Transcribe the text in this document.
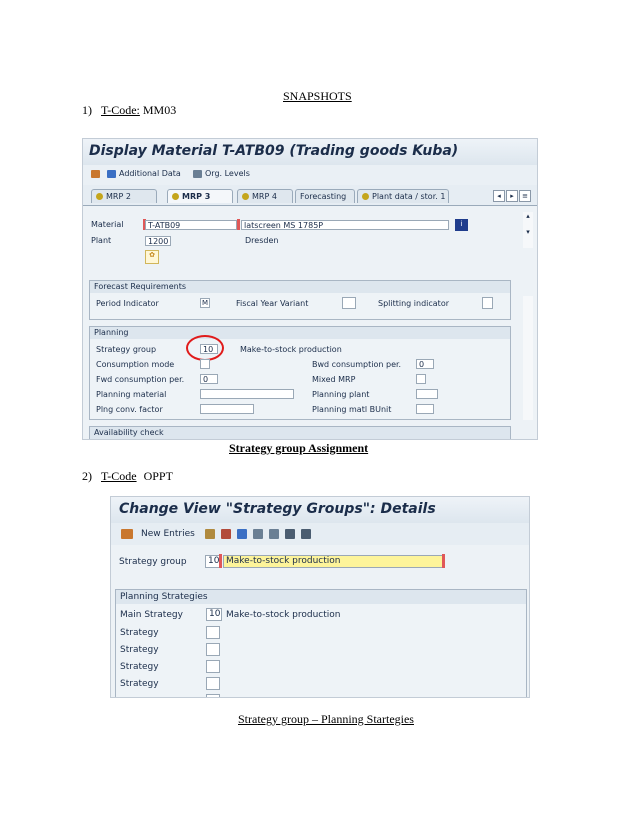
SNAPSHOTS
1) T-Code: MM03
Display Material T-ATB09 (Trading goods Kuba)
Additional Data	Org. Levels
MRP 2	MRP 3	MRP 4	Forecasting	Plant data / stor. 1	◂	▸	≡
Material	T-ATB09	latscreen MS 1785P	i
Plant	1200	Dresden
✿
Forecast Requirements
Period Indicator	M	Fiscal Year Variant	Splitting indicator
Planning
Strategy group	10	Make-to-stock production
Consumption mode	Bwd consumption per.	0
Fwd consumption per.	0	Mixed MRP
Planning material	Planning plant
Plng conv. factor	Planning matl BUnit
Availability check
▴
▾
Strategy group Assignment
2) T-Code OPPT
Change View "Strategy Groups": Details
New Entries
Strategy group	10 Make-to-stock production
Planning Strategies
Main Strategy	10 Make-to-stock production
Strategy
Strategy
Strategy
Strategy
Strategy group – Planning Startegies
